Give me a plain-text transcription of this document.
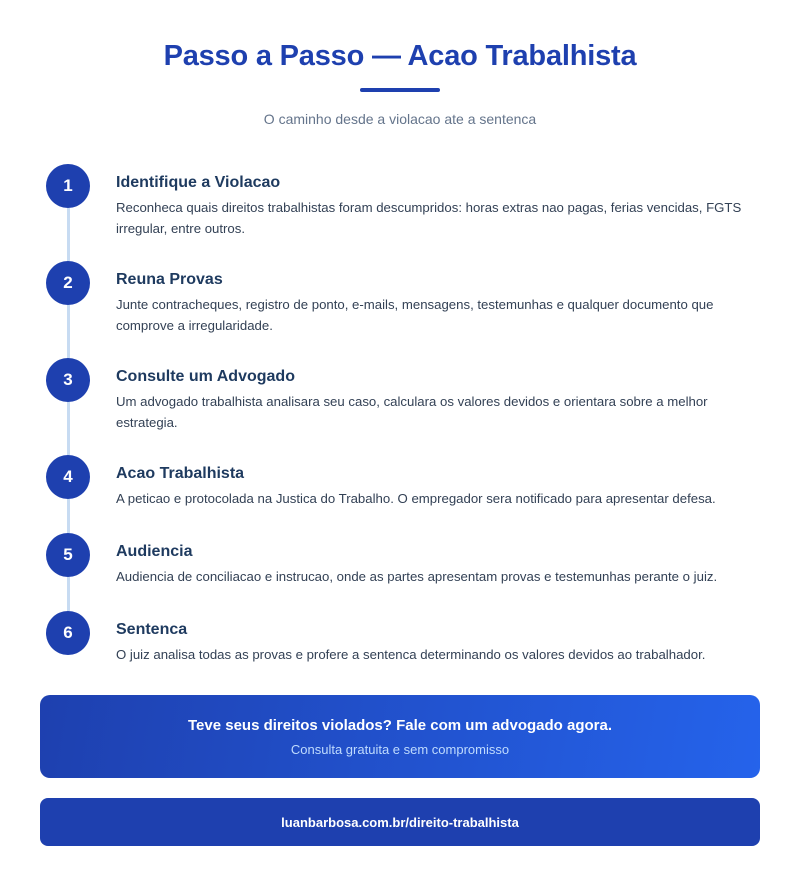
Passo a Passo — Acao Trabalhista

O caminho desde a violacao ate a sentenca

1	Identifique a Violacao
Reconheca quais direitos trabalhistas foram descumpridos: horas extras nao pagas, ferias vencidas, FGTS irregular, entre outros.
2	Reuna Provas
Junte contracheques, registro de ponto, e-mails, mensagens, testemunhas e qualquer documento que comprove a irregularidade.
3	Consulte um Advogado
Um advogado trabalhista analisara seu caso, calculara os valores devidos e orientara sobre a melhor estrategia.
4	Acao Trabalhista
A peticao e protocolada na Justica do Trabalho. O empregador sera notificado para apresentar defesa.
5	Audiencia
Audiencia de conciliacao e instrucao, onde as partes apresentam provas e testemunhas perante o juiz.
6	Sentenca
O juiz analisa todas as provas e profere a sentenca determinando os valores devidos ao trabalhador.

Teve seus direitos violados? Fale com um advogado agora.

Consulta gratuita e sem compromisso

luanbarbosa.com.br/direito-trabalhista
